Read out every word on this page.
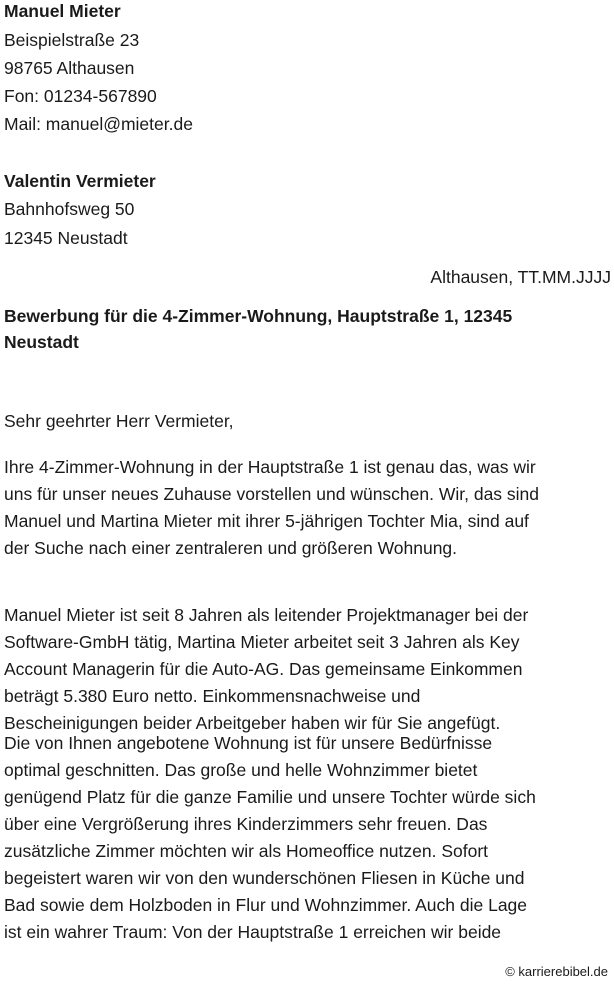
Manuel Mieter
Beispielstraße 23
98765 Althausen
Fon: 01234-567890
Mail: manuel@mieter.de
Valentin Vermieter
Bahnhofsweg 50
12345 Neustadt
Althausen, TT.MM.JJJJ
Bewerbung für die 4-Zimmer-Wohnung, Hauptstraße 1, 12345
Neustadt
Sehr geehrter Herr Vermieter,
Ihre 4-Zimmer-Wohnung in der Hauptstraße 1 ist genau das, was wir
uns für unser neues Zuhause vorstellen und wünschen. Wir, das sind
Manuel und Martina Mieter mit ihrer 5-jährigen Tochter Mia, sind auf
der Suche nach einer zentraleren und größeren Wohnung.
Manuel Mieter ist seit 8 Jahren als leitender Projektmanager bei der
Software-GmbH tätig, Martina Mieter arbeitet seit 3 Jahren als Key
Account Managerin für die Auto-AG. Das gemeinsame Einkommen
beträgt 5.380 Euro netto. Einkommensnachweise und
Bescheinigungen beider Arbeitgeber haben wir für Sie angefügt.
Die von Ihnen angebotene Wohnung ist für unsere Bedürfnisse
optimal geschnitten. Das große und helle Wohnzimmer bietet
genügend Platz für die ganze Familie und unsere Tochter würde sich
über eine Vergrößerung ihres Kinderzimmers sehr freuen. Das
zusätzliche Zimmer möchten wir als Homeoffice nutzen. Sofort
begeistert waren wir von den wunderschönen Fliesen in Küche und
Bad sowie dem Holzboden in Flur und Wohnzimmer. Auch die Lage
ist ein wahrer Traum: Von der Hauptstraße 1 erreichen wir beide
© karrierebibel.de
